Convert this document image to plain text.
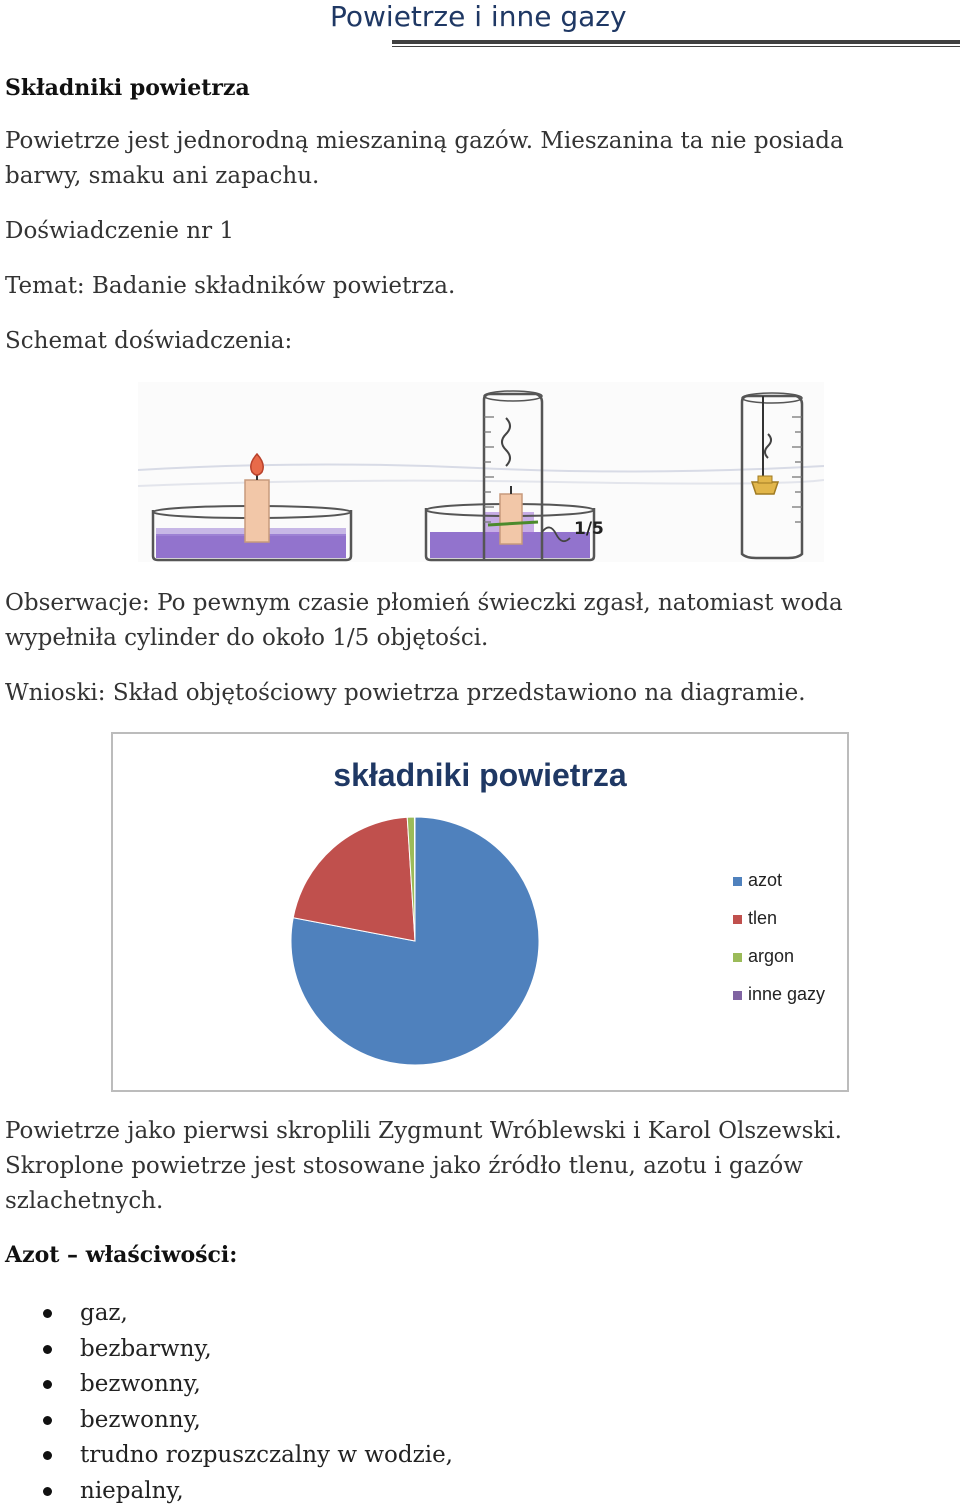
Powietrze i inne gazy
Składniki powietrza
Powietrze jest jednorodną mieszaniną gazów. Mieszanina ta nie posiada
barwy, smaku ani zapachu.
Doświadczenie nr 1
Temat: Badanie składników powietrza.
Schemat doświadczenia:
1/5
Obserwacje: Po pewnym czasie płomień świeczki zgasł, natomiast woda
wypełniła cylinder do około 1/5 objętości.
Wnioski: Skład objętościowy powietrza przedstawiono na diagramie.
składniki powietrza
azot
tlen
argon
inne gazy
Powietrze jako pierwsi skroplili Zygmunt Wróblewski i Karol Olszewski.
Skroplone powietrze jest stosowane jako źródło tlenu, azotu i gazów
szlachetnych.
Azot – właściwości:
gaz,
bezbarwny,
bezwonny,
bezwonny,
trudno rozpuszczalny w wodzie,
niepalny,
